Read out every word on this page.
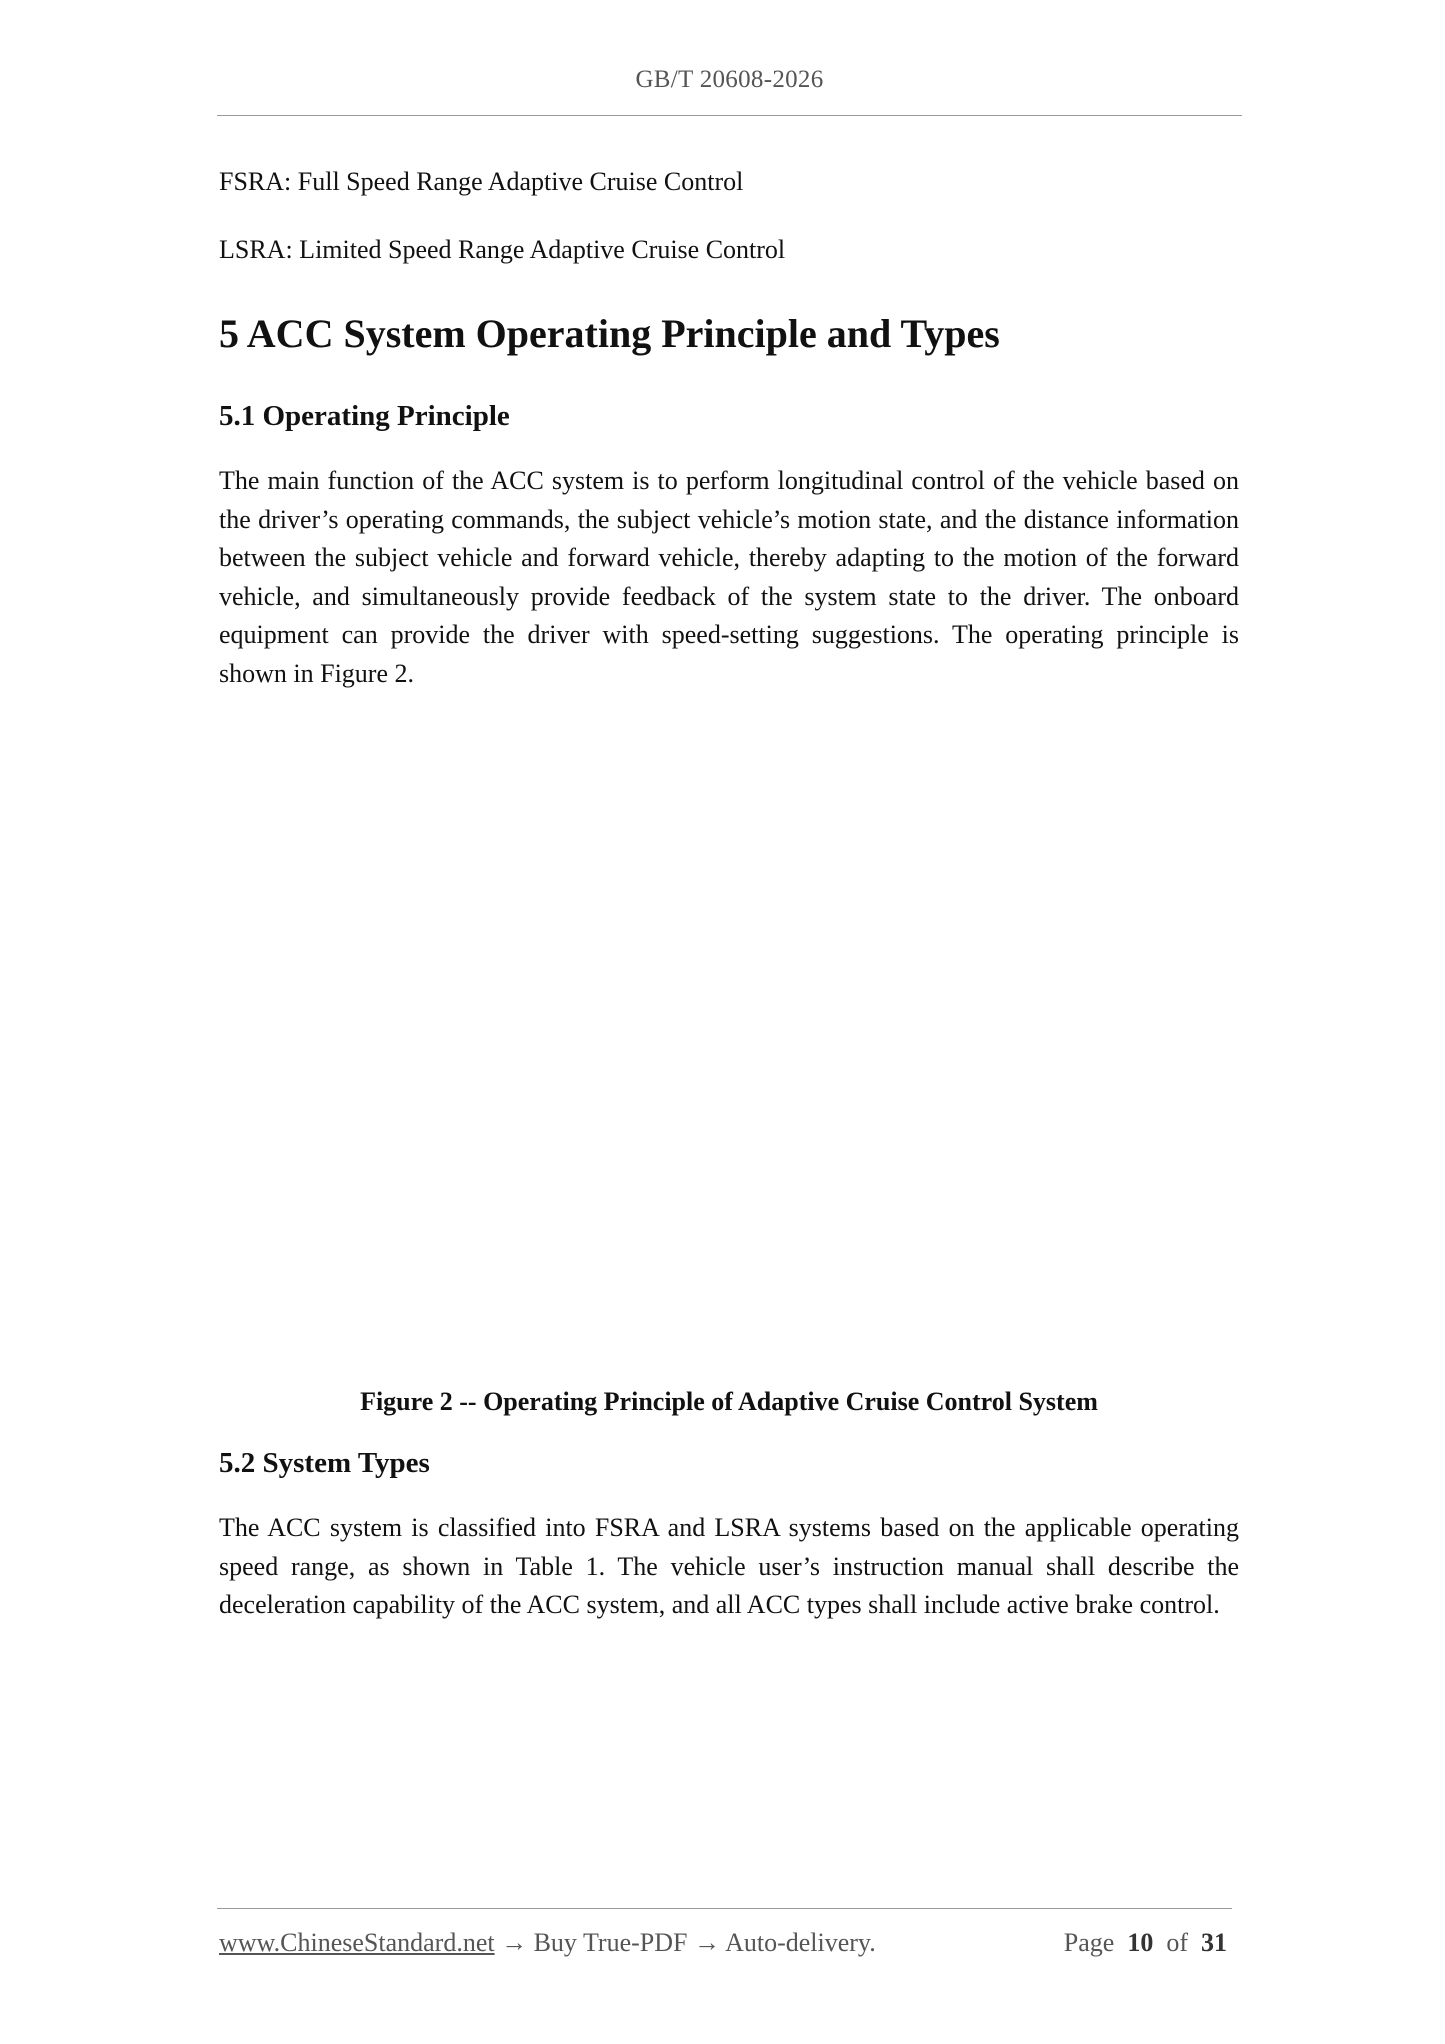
GB/T 20608-2026

FSRA: Full Speed Range Adaptive Cruise Control

LSRA: Limited Speed Range Adaptive Cruise Control

5 ACC System Operating Principle and Types
5.1 Operating Principle

The main function of the ACC system is to perform longitudinal control of the vehicle based on the driver’s operating commands, the subject vehicle’s motion state, and the distance information between the subject vehicle and forward vehicle, thereby adapting to the motion of the forward vehicle, and simultaneously provide feedback of the system state to the driver. The onboard equipment can provide the driver with speed-setting suggestions. The operating principle is shown in Figure 2.

Figure 2 -- Operating Principle of Adaptive Cruise Control System

5.2 System Types

The ACC system is classified into FSRA and LSRA systems based on the applicable operating speed range, as shown in Table 1. The vehicle user’s instruction manual shall describe the deceleration capability of the ACC system, and all ACC types shall include active brake control.

www.ChineseStandard.net → Buy True-PDF → Auto-delivery.	Page 10 of 31
